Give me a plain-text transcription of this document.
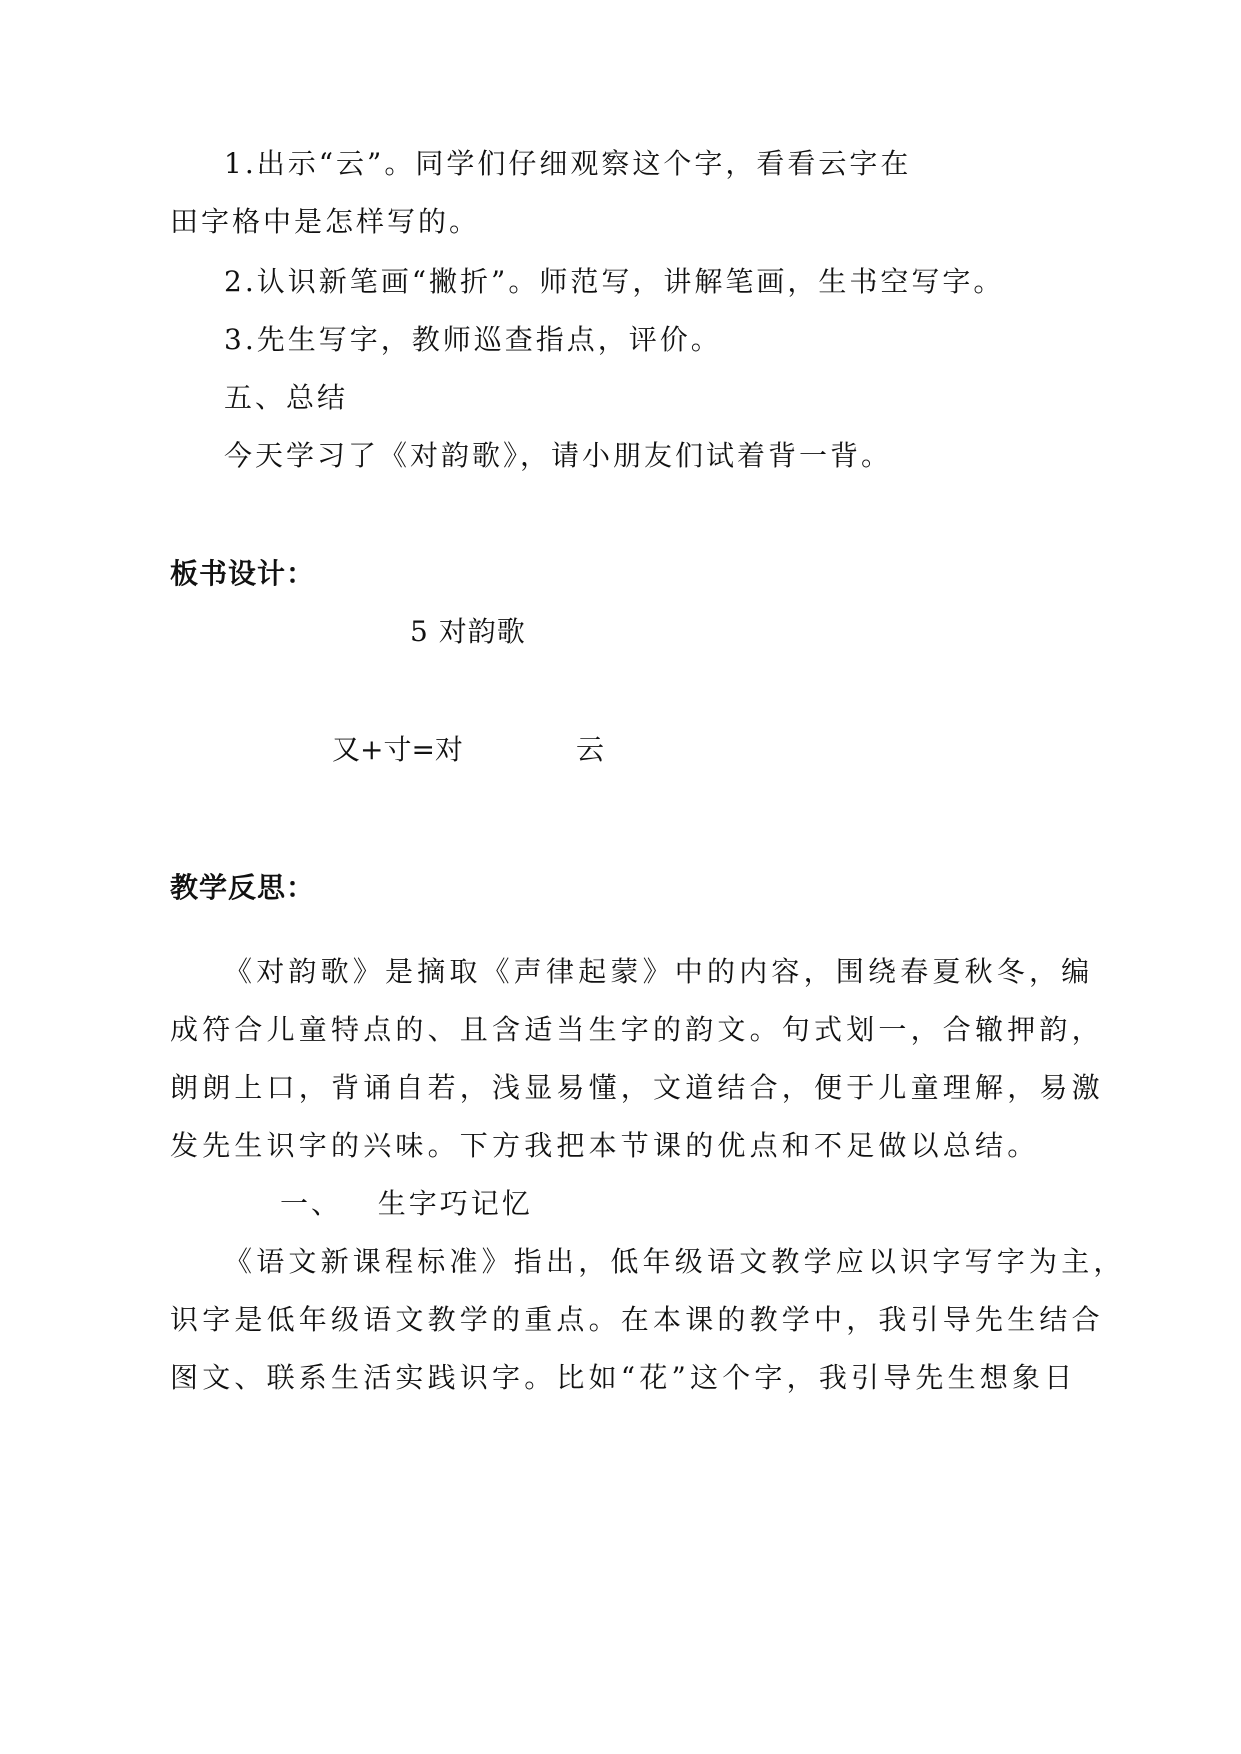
1.出示“云”。同学们仔细观察这个字，看看云字在
田字格中是怎样写的。
2.认识新笔画“撇折”。师范写，讲解笔画，生书空写字。
3.先生写字，教师巡查指点，评价。
五、总结
今天学习了《对韵歌》，请小朋友们试着背一背。
板书设计：
5 对韵歌
又+寸=对	云
教学反思：
《对韵歌》是摘取《声律起蒙》中的内容，围绕春夏秋冬，编
成符合儿童特点的、且含适当生字的韵文。句式划一，合辙押韵，
朗朗上口，背诵自若，浅显易懂，文道结合，便于儿童理解，易激
发先生识字的兴味。下方我把本节课的优点和不足做以总结。
一、   生字巧记忆
《语文新课程标准》指出，低年级语文教学应以识字写字为主，
识字是低年级语文教学的重点。在本课的教学中，我引导先生结合
图文、联系生活实践识字。比如“花”这个字，我引导先生想象日
